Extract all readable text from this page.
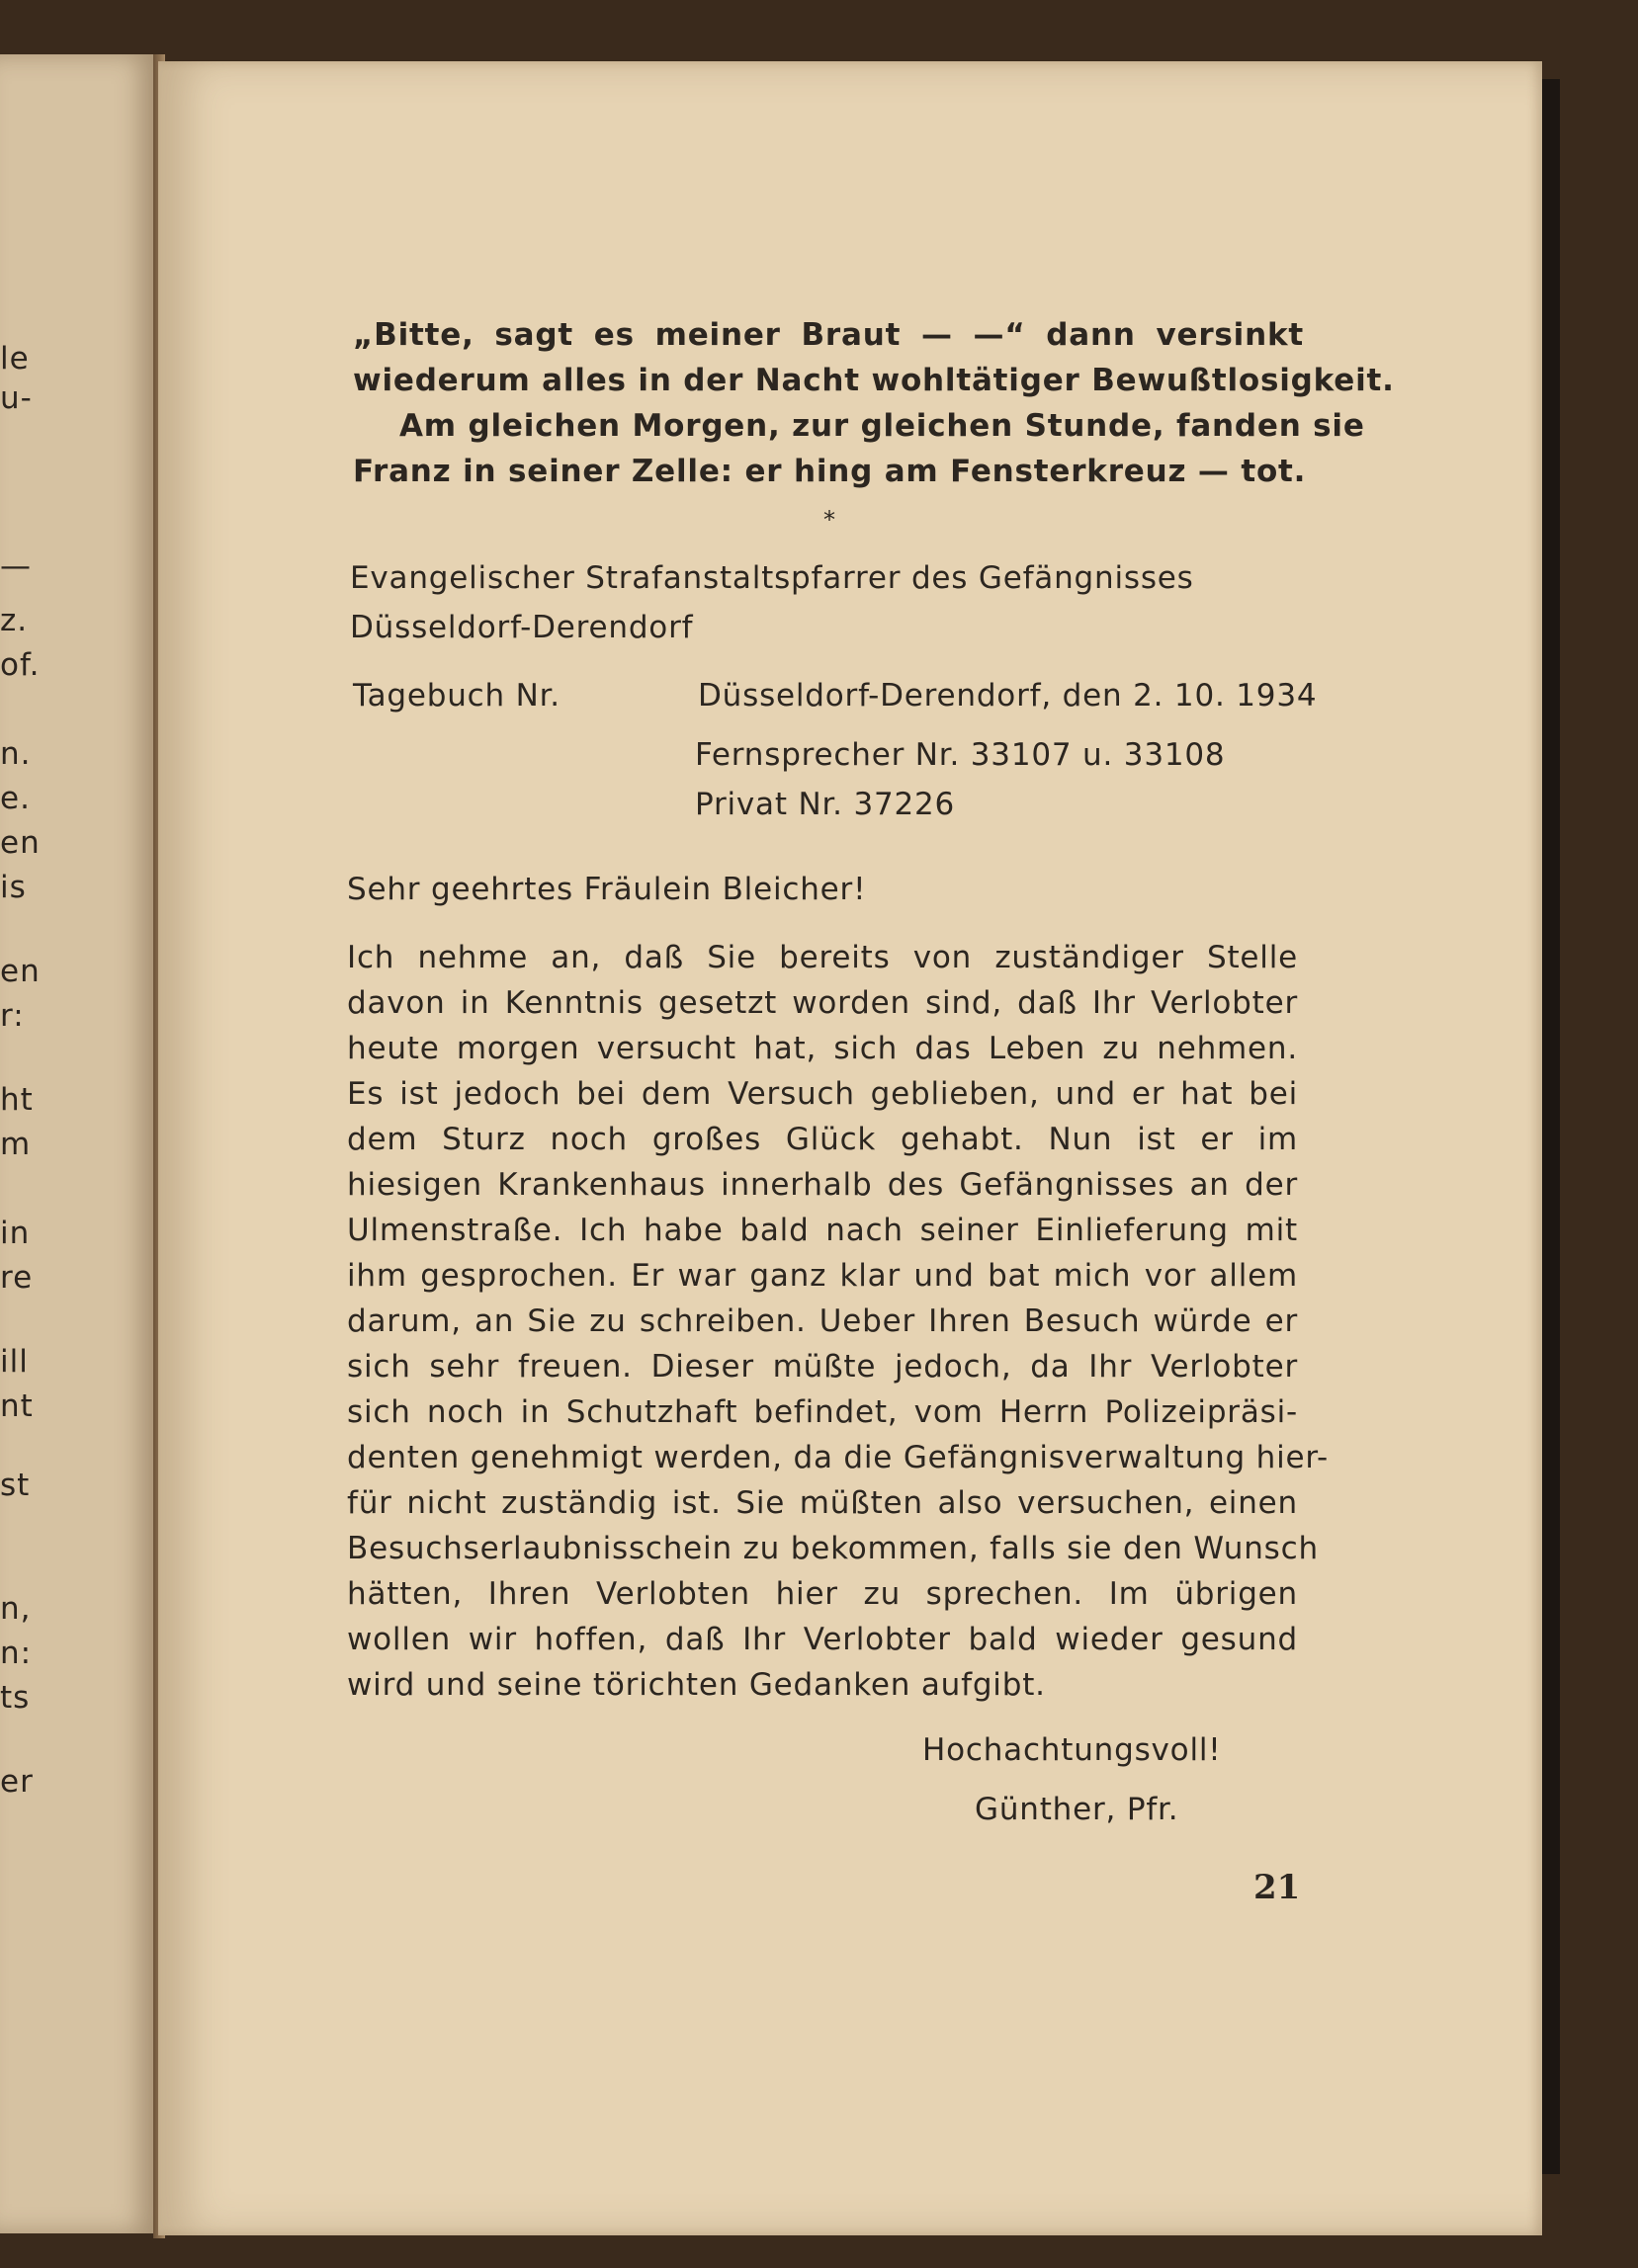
le
u-
—
z.
of.
n.
e.
en
is
en
r:
ht
m
in
re
ill
nt
st
n,
n:
ts
er
„Bitte, sagt es meiner Braut — —“ dann versinkt
wiederum alles in der Nacht wohltätiger Bewußtlosigkeit.
Am gleichen Morgen, zur gleichen Stunde, fanden sie
Franz in seiner Zelle: er hing am Fensterkreuz — tot.
*
Evangelischer Strafanstaltspfarrer des Gefängnisses
Düsseldorf-Derendorf
Tagebuch Nr.	Düsseldorf-Derendorf, den 2. 10. 1934
Fernsprecher Nr. 33107 u. 33108
Privat Nr. 37226
Sehr geehrtes Fräulein Bleicher!
Ich nehme an, daß Sie bereits von zuständiger Stelle
davon in Kenntnis gesetzt worden sind, daß Ihr Verlobter
heute morgen versucht hat, sich das Leben zu nehmen.
Es ist jedoch bei dem Versuch geblieben, und er hat bei
dem Sturz noch großes Glück gehabt. Nun ist er im
hiesigen Krankenhaus innerhalb des Gefängnisses an der
Ulmenstraße. Ich habe bald nach seiner Einlieferung mit
ihm gesprochen. Er war ganz klar und bat mich vor allem
darum, an Sie zu schreiben. Ueber Ihren Besuch würde er
sich sehr freuen. Dieser müßte jedoch, da Ihr Verlobter
sich noch in Schutzhaft befindet, vom Herrn Polizeipräsi-
denten genehmigt werden, da die Gefängnisverwaltung hier-
für nicht zuständig ist. Sie müßten also versuchen, einen
Besuchserlaubnisschein zu bekommen, falls sie den Wunsch
hätten, Ihren Verlobten hier zu sprechen. Im übrigen
wollen wir hoffen, daß Ihr Verlobter bald wieder gesund
wird und seine törichten Gedanken aufgibt.
Hochachtungsvoll!
Günther, Pfr.
21
